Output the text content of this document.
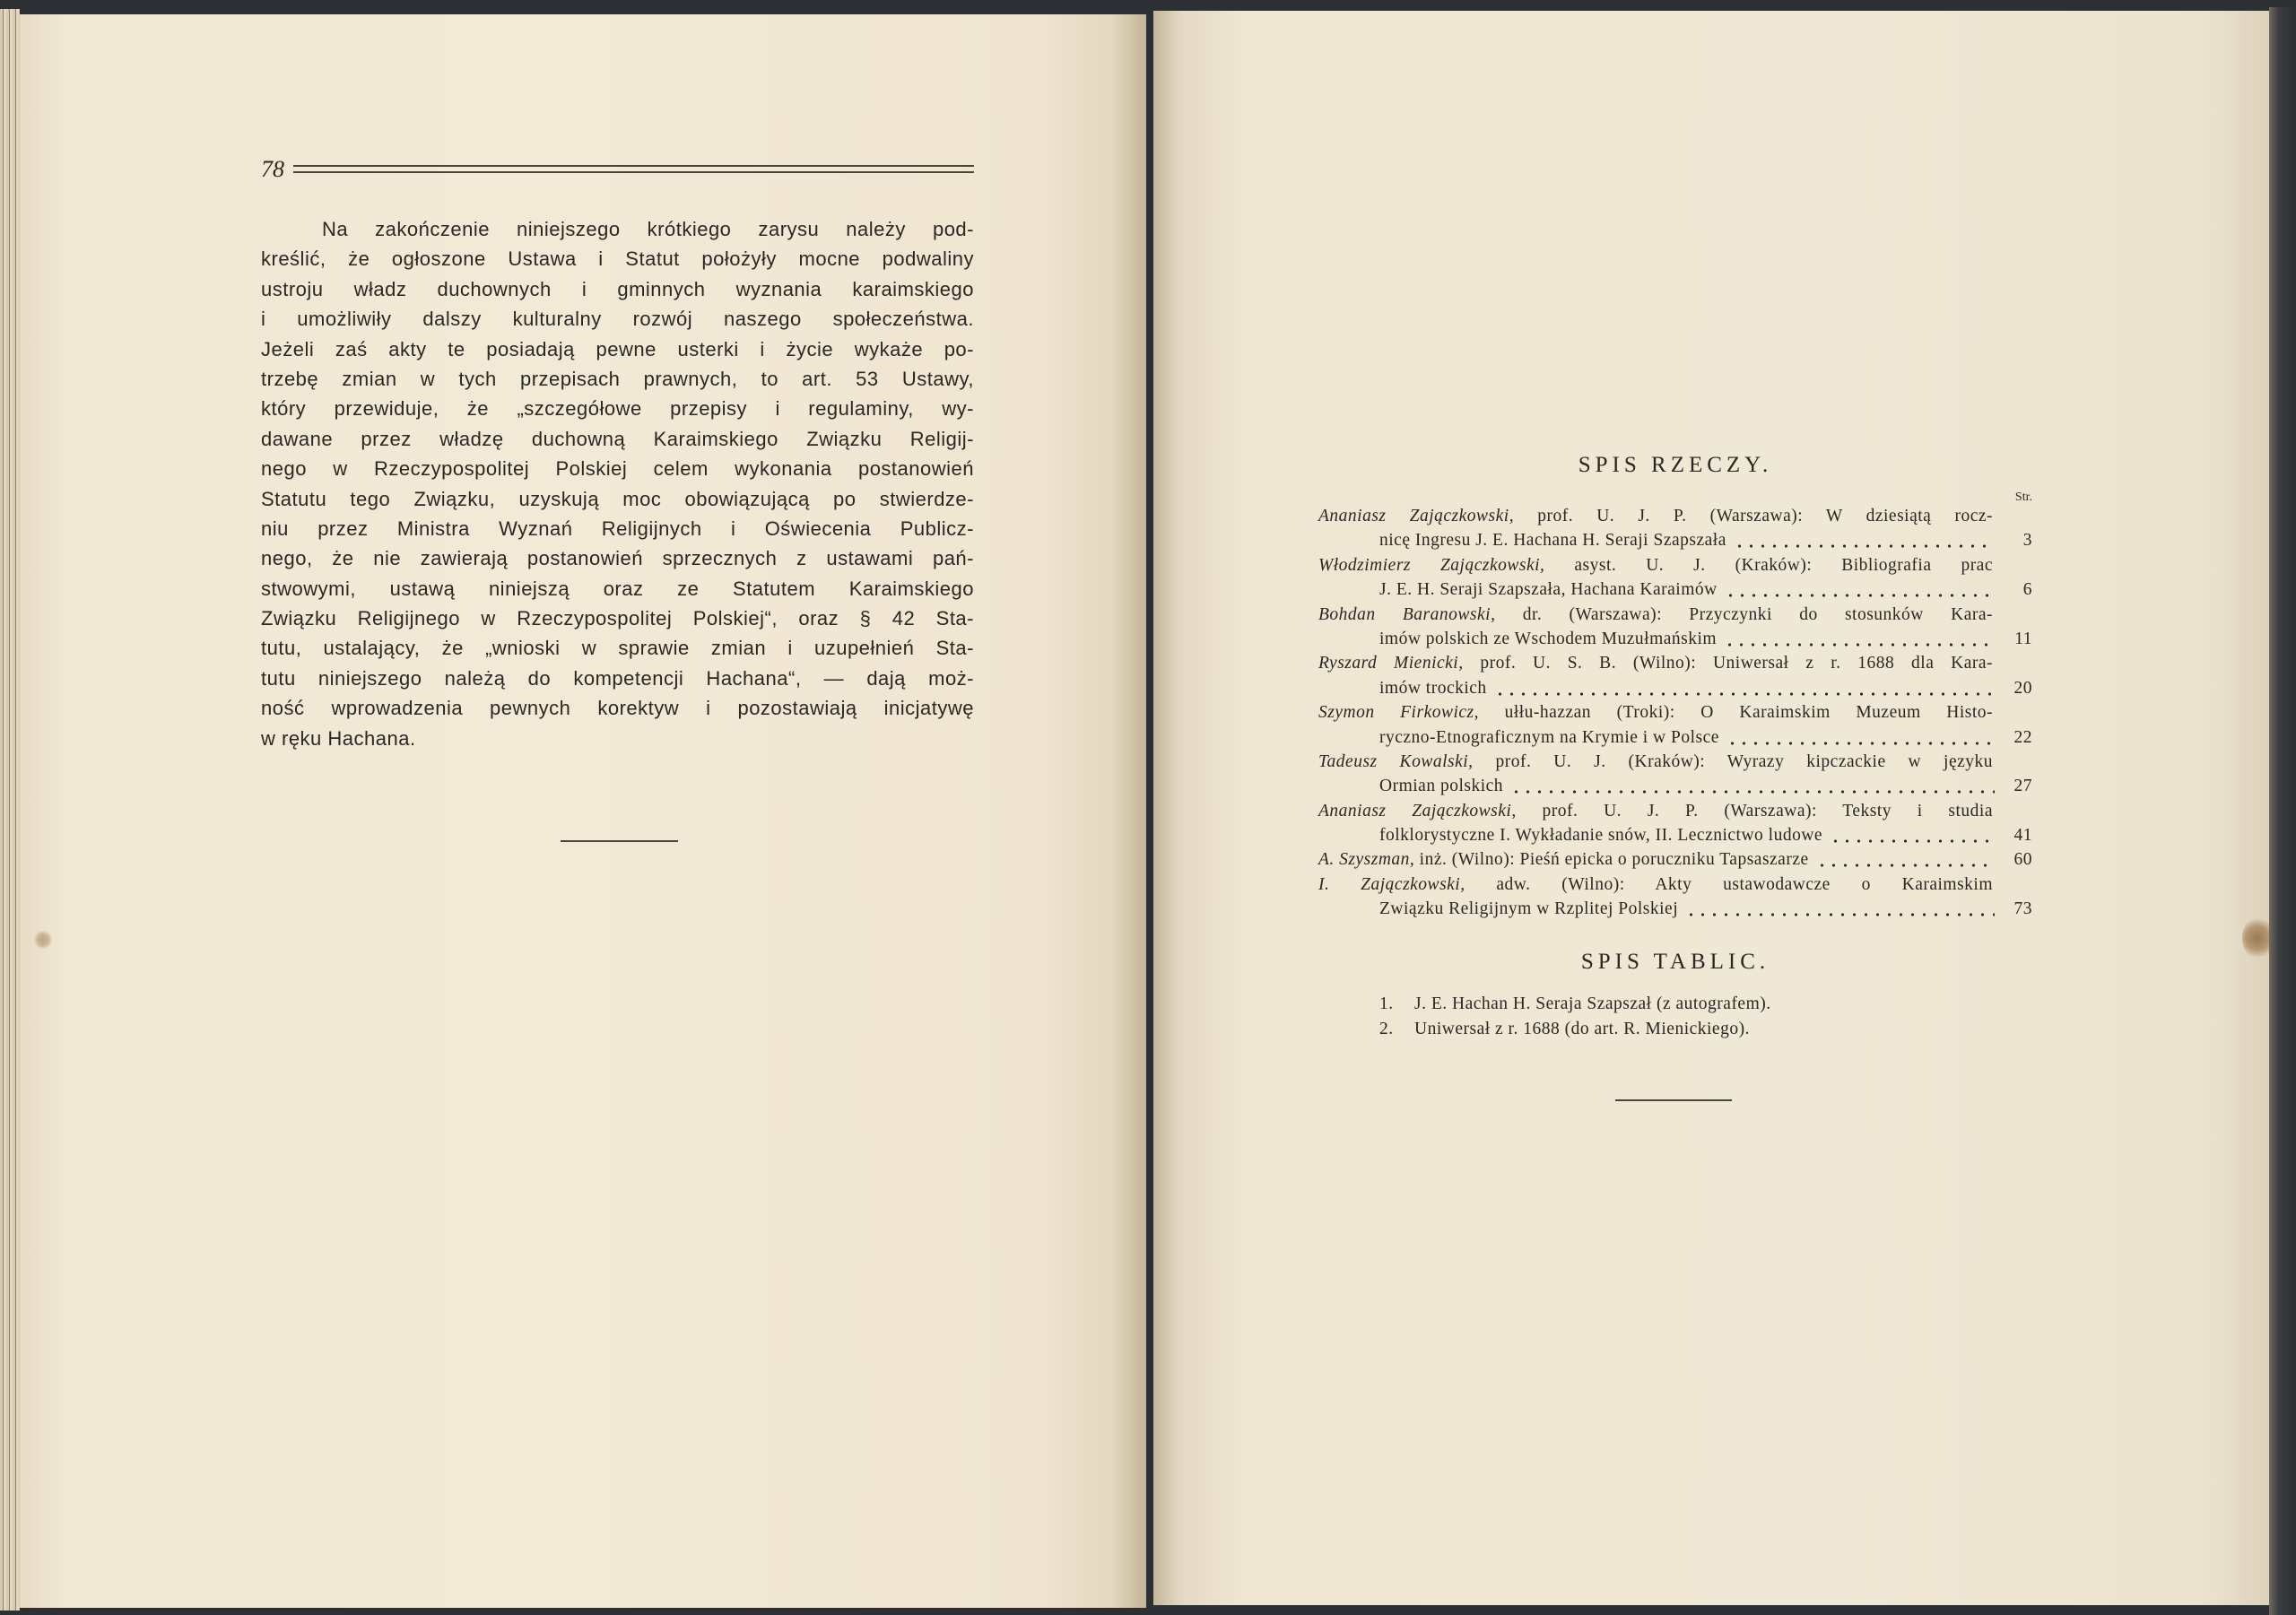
78
Na zakończenie niniejszego krótkiego zarysu należy pod-
kreślić, że ogłoszone Ustawa i Statut położyły mocne podwaliny
ustroju władz duchownych i gminnych wyznania karaimskiego
i umożliwiły dalszy kulturalny rozwój naszego społeczeństwa.
Jeżeli zaś akty te posiadają pewne usterki i życie wykaże po-
trzebę zmian w tych przepisach prawnych, to art. 53 Ustawy,
który przewiduje, że „szczegółowe przepisy i regulaminy, wy-
dawane przez władzę duchowną Karaimskiego Związku Religij-
nego w Rzeczypospolitej Polskiej celem wykonania postanowień
Statutu tego Związku, uzyskują moc obowiązującą po stwierdze-
niu przez Ministra Wyznań Religijnych i Oświecenia Publicz-
nego, że nie zawierają postanowień sprzecznych z ustawami pań-
stwowymi, ustawą niniejszą oraz ze Statutem Karaimskiego
Związku Religijnego w Rzeczypospolitej Polskiej“, oraz § 42 Sta-
tutu, ustalający, że „wnioski w sprawie zmian i uzupełnień Sta-
tutu niniejszego należą do kompetencji Hachana“, — dają moż-
ność wprowadzenia pewnych korektyw i pozostawiają inicjatywę
w ręku Hachana.
SPIS RZECZY.
Str.
Ananiasz Zajączkowski, prof. U. J. P. (Warszawa): W dziesiątą rocz-
nicę Ingresu J. E. Hachana H. Seraji Szapszała	3
Włodzimierz Zajączkowski, asyst. U. J. (Kraków): Bibliografia prac
J. E. H. Seraji Szapszała, Hachana Karaimów	6
Bohdan Baranowski, dr. (Warszawa): Przyczynki do stosunków Kara-
imów polskich ze Wschodem Muzułmańskim	11
Ryszard Mienicki, prof. U. S. B. (Wilno): Uniwersał z r. 1688 dla Kara-
imów trockich	20
Szymon Firkowicz, ułłu-hazzan (Troki): O Karaimskim Muzeum Histo-
ryczno-Etnograficznym na Krymie i w Polsce	22
Tadeusz Kowalski, prof. U. J. (Kraków): Wyrazy kipczackie w języku
Ormian polskich	27
Ananiasz Zajączkowski, prof. U. J. P. (Warszawa): Teksty i studia
folklorystyczne I. Wykładanie snów, II. Lecznictwo ludowe	41
A. Szyszman, inż. (Wilno): Pieśń epicka o poruczniku Tapsaszarze	60
I. Zajączkowski, adw. (Wilno): Akty ustawodawcze o Karaimskim
Związku Religijnym w Rzplitej Polskiej	73
SPIS TABLIC.
1.	J. E. Hachan H. Seraja Szapszał (z autografem).
2.	Uniwersał z r. 1688 (do art. R. Mienickiego).
